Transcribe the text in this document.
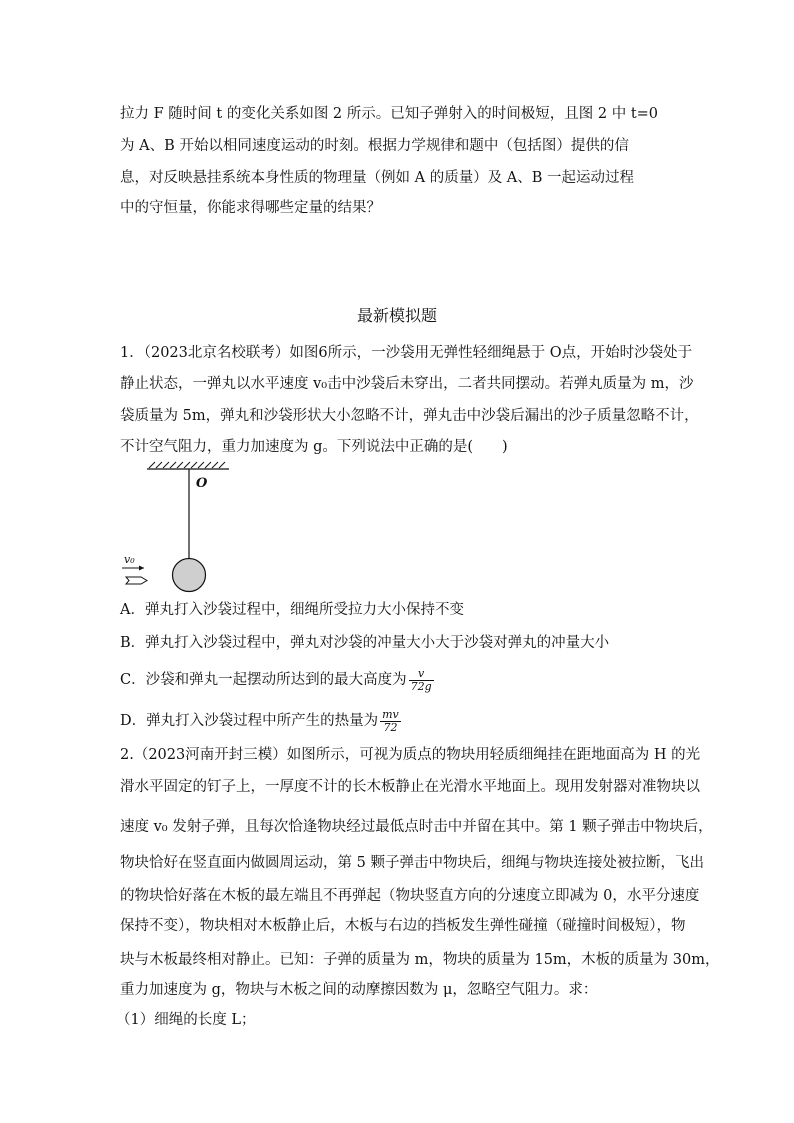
拉力 F 随时间 t 的变化关系如图 2 所示。已知子弹射入的时间极短，且图 2 中 t=0
为 A、B 开始以相同速度运动的时刻。根据力学规律和题中（包括图）提供的信
息，对反映悬挂系统本身性质的物理量（例如 A 的质量）及 A、B 一起运动过程
中的守恒量，你能求得哪些定量的结果？
最新模拟题
1．（2023北京名校联考）如图6所示，一沙袋用无弹性轻细绳悬于 O点，开始时沙袋处于
静止状态，一弹丸以水平速度 v₀击中沙袋后未穿出，二者共同摆动。若弹丸质量为 m，沙
袋质量为 5m，弹丸和沙袋形状大小忽略不计，弹丸击中沙袋后漏出的沙子质量忽略不计，
不计空气阻力，重力加速度为 g。下列说法中正确的是(　　)
O
v₀
A．弹丸打入沙袋过程中，细绳所受拉力大小保持不变
B．弹丸打入沙袋过程中，弹丸对沙袋的冲量大小大于沙袋对弹丸的冲量大小
C．沙袋和弹丸一起摆动所达到的最大高度为 $\frac{v}{72g}$
D．弹丸打入沙袋过程中所产生的热量为 $\frac{mv}{72}$
2.（2023河南开封三模）如图所示，可视为质点的物块用轻质细绳挂在距地面高为 H 的光
滑水平固定的钉子上，一厚度不计的长木板静止在光滑水平地面上。现用发射器对准物块以
速度 v₀ 发射子弹，且每次恰逢物块经过最低点时击中并留在其中。第 1 颗子弹击中物块后，
物块恰好在竖直面内做圆周运动，第 5 颗子弹击中物块后，细绳与物块连接处被拉断，飞出
的物块恰好落在木板的最左端且不再弹起（物块竖直方向的分速度立即减为 0，水平分速度
保持不变），物块相对木板静止后，木板与右边的挡板发生弹性碰撞（碰撞时间极短），物
块与木板最终相对静止。已知：子弹的质量为 m，物块的质量为 15m，木板的质量为 30m，
重力加速度为 g，物块与木板之间的动摩擦因数为 μ，忽略空气阻力。求：
（1）细绳的长度 L；
